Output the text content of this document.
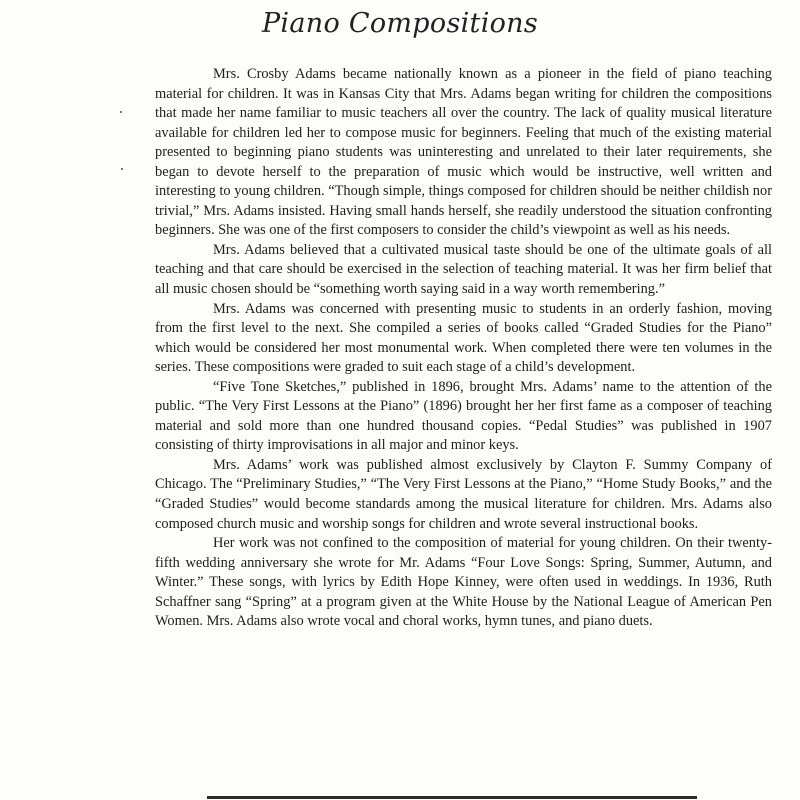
Piano Compositions

Mrs. Crosby Adams became nationally known as a pioneer in the field of piano teaching material for children. It was in Kansas City that Mrs. Adams began writing for children the compositions that made her name familiar to music teachers all over the country. The lack of quality musical literature available for children led her to compose music for beginners. Feeling that much of the existing material presented to beginning piano students was uninteresting and unrelated to their later requirements, she began to devote herself to the preparation of music which would be instructive, well written and interesting to young children. “Though simple, things composed for children should be neither childish nor trivial,” Mrs. Adams insisted. Having small hands herself, she readily understood the situation confronting beginners. She was one of the first composers to consider the child’s viewpoint as well as his needs.

Mrs. Adams believed that a cultivated musical taste should be one of the ultimate goals of all teaching and that care should be exercised in the selection of teaching material. It was her firm belief that all music chosen should be “something worth saying said in a way worth remembering.”

Mrs. Adams was concerned with presenting music to students in an orderly fashion, moving from the first level to the next. She compiled a series of books called “Graded Studies for the Piano” which would be considered her most monumental work. When completed there were ten volumes in the series. These compositions were graded to suit each stage of a child’s development.

“Five Tone Sketches,” published in 1896, brought Mrs. Adams’ name to the attention of the public. “The Very First Lessons at the Piano” (1896) brought her her first fame as a composer of teaching material and sold more than one hundred thousand copies. “Pedal Studies” was published in 1907 consisting of thirty improvisations in all major and minor keys.

Mrs. Adams’ work was published almost exclusively by Clayton F. Summy Company of Chicago. The “Preliminary Studies,” “The Very First Lessons at the Piano,” “Home Study Books,” and the “Graded Studies” would become standards among the musical literature for children. Mrs. Adams also composed church music and worship songs for children and wrote several instructional books.

Her work was not confined to the composition of material for young children. On their twenty-fifth wedding anniversary she wrote for Mr. Adams “Four Love Songs: Spring, Summer, Autumn, and Winter.” These songs, with lyrics by Edith Hope Kinney, were often used in weddings. In 1936, Ruth Schaffner sang “Spring” at a program given at the White House by the National League of American Pen Women. Mrs. Adams also wrote vocal and choral works, hymn tunes, and piano duets.
